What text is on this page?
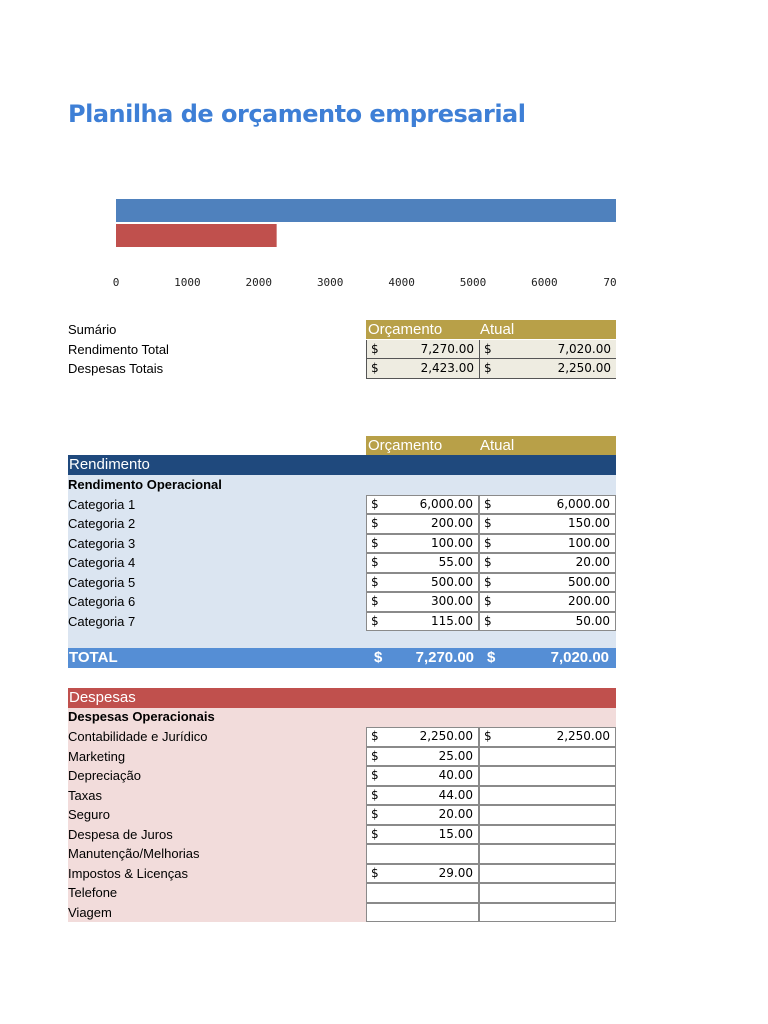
Planilha de orçamento empresarial
0	1000	2000	3000	4000	5000	6000	70
Orçamento	Atual
Sumário
Rendimento Total	$	7,270.00 $	7,020.00
Despesas Totais	$	2,423.00 $	2,250.00
Orçamento	Atual
Rendimento
Rendimento Operacional
Categoria 1	$	6,000.00 $	6,000.00
Categoria 2	$	200.00 $	150.00
Categoria 3	$	100.00 $	100.00
Categoria 4	$	55.00 $	20.00
Categoria 5	$	500.00 $	500.00
Categoria 6	$	300.00 $	200.00
Categoria 7	$	115.00 $	50.00
TOTAL	$	7,270.00 $	7,020.00
Despesas
Despesas Operacionais
Contabilidade e Jurídico	$	2,250.00 $	2,250.00
Marketing	$	25.00
Depreciação	$	40.00
Taxas	$	44.00
Seguro	$	20.00
Despesa de Juros	$	15.00
Manutenção/Melhorias
Impostos & Licenças	$	29.00
Telefone
Viagem
